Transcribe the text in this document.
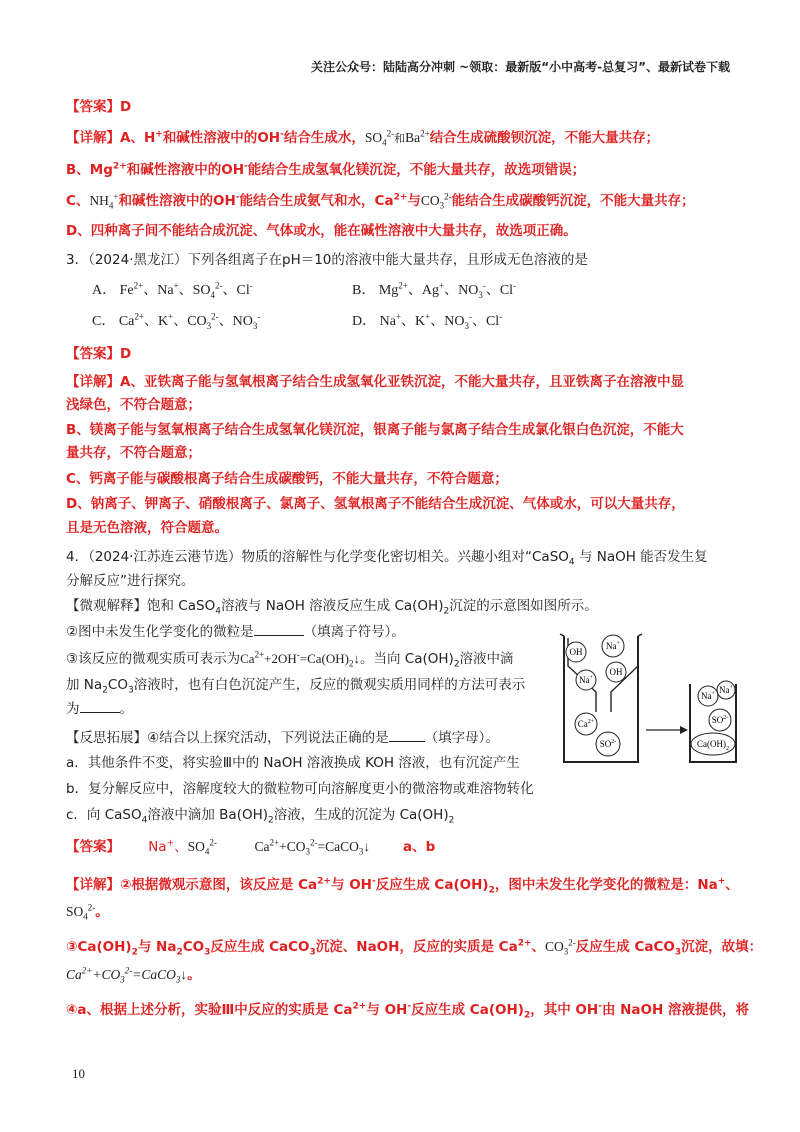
关注公众号：陆陆高分冲刺 ~领取：最新版“小中高考-总复习”、最新试卷下载
【答案】D
【详解】A、H+和碱性溶液中的OH-结合生成水，$SO_4^{2-}$和$Ba^{2+}$结合生成硫酸钡沉淀，不能大量共存；
B、$Mg^{2+}$和碱性溶液中的OH-能结合生成氢氧化镁沉淀，不能大量共存，故选项错误；
C、$NH_4^+$和碱性溶液中的OH-能结合生成氨气和水，$Ca^{2+}$与$CO_3^{2-}$能结合生成碳酸钙沉淀，不能大量共存；
D、四种离子间不能结合成沉淀、气体或水，能在碱性溶液中大量共存，故选项正确。
3．（2024·黑龙江）下列各组离子在pH＝10的溶液中能大量共存，且形成无色溶液的是
A． $Fe^{2+}$、Na+、$SO_4^{2-}$、Cl-	B． $Mg^{2+}$、Ag+、$NO_3^-$、Cl-
C． $Ca^{2+}$、K+、$CO_3^{2-}$、$NO_3^-$	D． Na+、K+、$NO_3^-$、Cl-
【答案】D
【详解】A、亚铁离子能与氢氧根离子结合生成氢氧化亚铁沉淀，不能大量共存，且亚铁离子在溶液中显
浅绿色，不符合题意；
B、镁离子能与氢氧根离子结合生成氢氧化镁沉淀，银离子能与氯离子结合生成氯化银白色沉淀，不能大
量共存，不符合题意；
C、钙离子能与碳酸根离子结合生成碳酸钙，不能大量共存，不符合题意；
D、钠离子、钾离子、硝酸根离子、氯离子、氢氧根离子不能结合生成沉淀、气体或水，可以大量共存，
且是无色溶液，符合题意。
4．（2024·江苏连云港节选）物质的溶解性与化学变化密切相关。兴趣小组对“CaSO$_4$ 与 NaOH 能否发生复
分解反应”进行探究。
【微观解释】饱和 CaSO$_4$溶液与 NaOH 溶液反应生成 $Ca(OH)_2$沉淀的示意图如图所示。
②图中未发生化学变化的微粒是	（填离子符号）。
③该反应的微观实质可表示为$Ca^{2+}+2OH^-=Ca(OH)_2↓$。当向 $Ca(OH)_2$溶液中滴
加 $Na_2CO_3$溶液时，也有白色沉淀产生，反应的微观实质用同样的方法可表示
为	。
【反思拓展】④结合以上探究活动，下列说法正确的是	（填字母）。
a．其他条件不变，将实验Ⅲ中的 NaOH 溶液换成 KOH 溶液，也有沉淀产生
b．复分解反应中，溶解度较大的微粒物可向溶解度更小的微溶物或难溶物转化
c．向 CaSO$_4$溶液中滴加 $Ba(OH)_2$溶液，生成的沉淀为 $Ca(OH)_2$
【答案】 Na+、$SO_4^{2-}$	$Ca^{2+}+CO_3^{2-}=CaCO_3↓$ a、b
【详解】②根据微观示意图，该反应是 $Ca^{2+}$与 OH-反应生成 $Ca(OH)_2$，图中未发生化学变化的微粒是：Na+、
$SO_4^{2-}$。
$③Ca(OH)_2$与 $Na_2CO_3$反应生成 CaCO$_3$沉淀、NaOH，反应的实质是 $Ca^{2+}$、$CO_3^{2-}$反应生成 CaCO$_3$沉淀，故填：
$Ca^{2+}+CO_3^{2-}=CaCO_3↓$。
④a、根据上述分析，实验Ⅲ中反应的实质是 $Ca^{2+}$与 OH-反应生成 $Ca(OH)_2$，其中 OH-由 NaOH 溶液提供，将
10
OH
Na+
OH
Na+
$Ca^{2+}$
$SO^{2-}$
Na+ Na+
$SO^{2-}$
$Ca(OH)_2$
